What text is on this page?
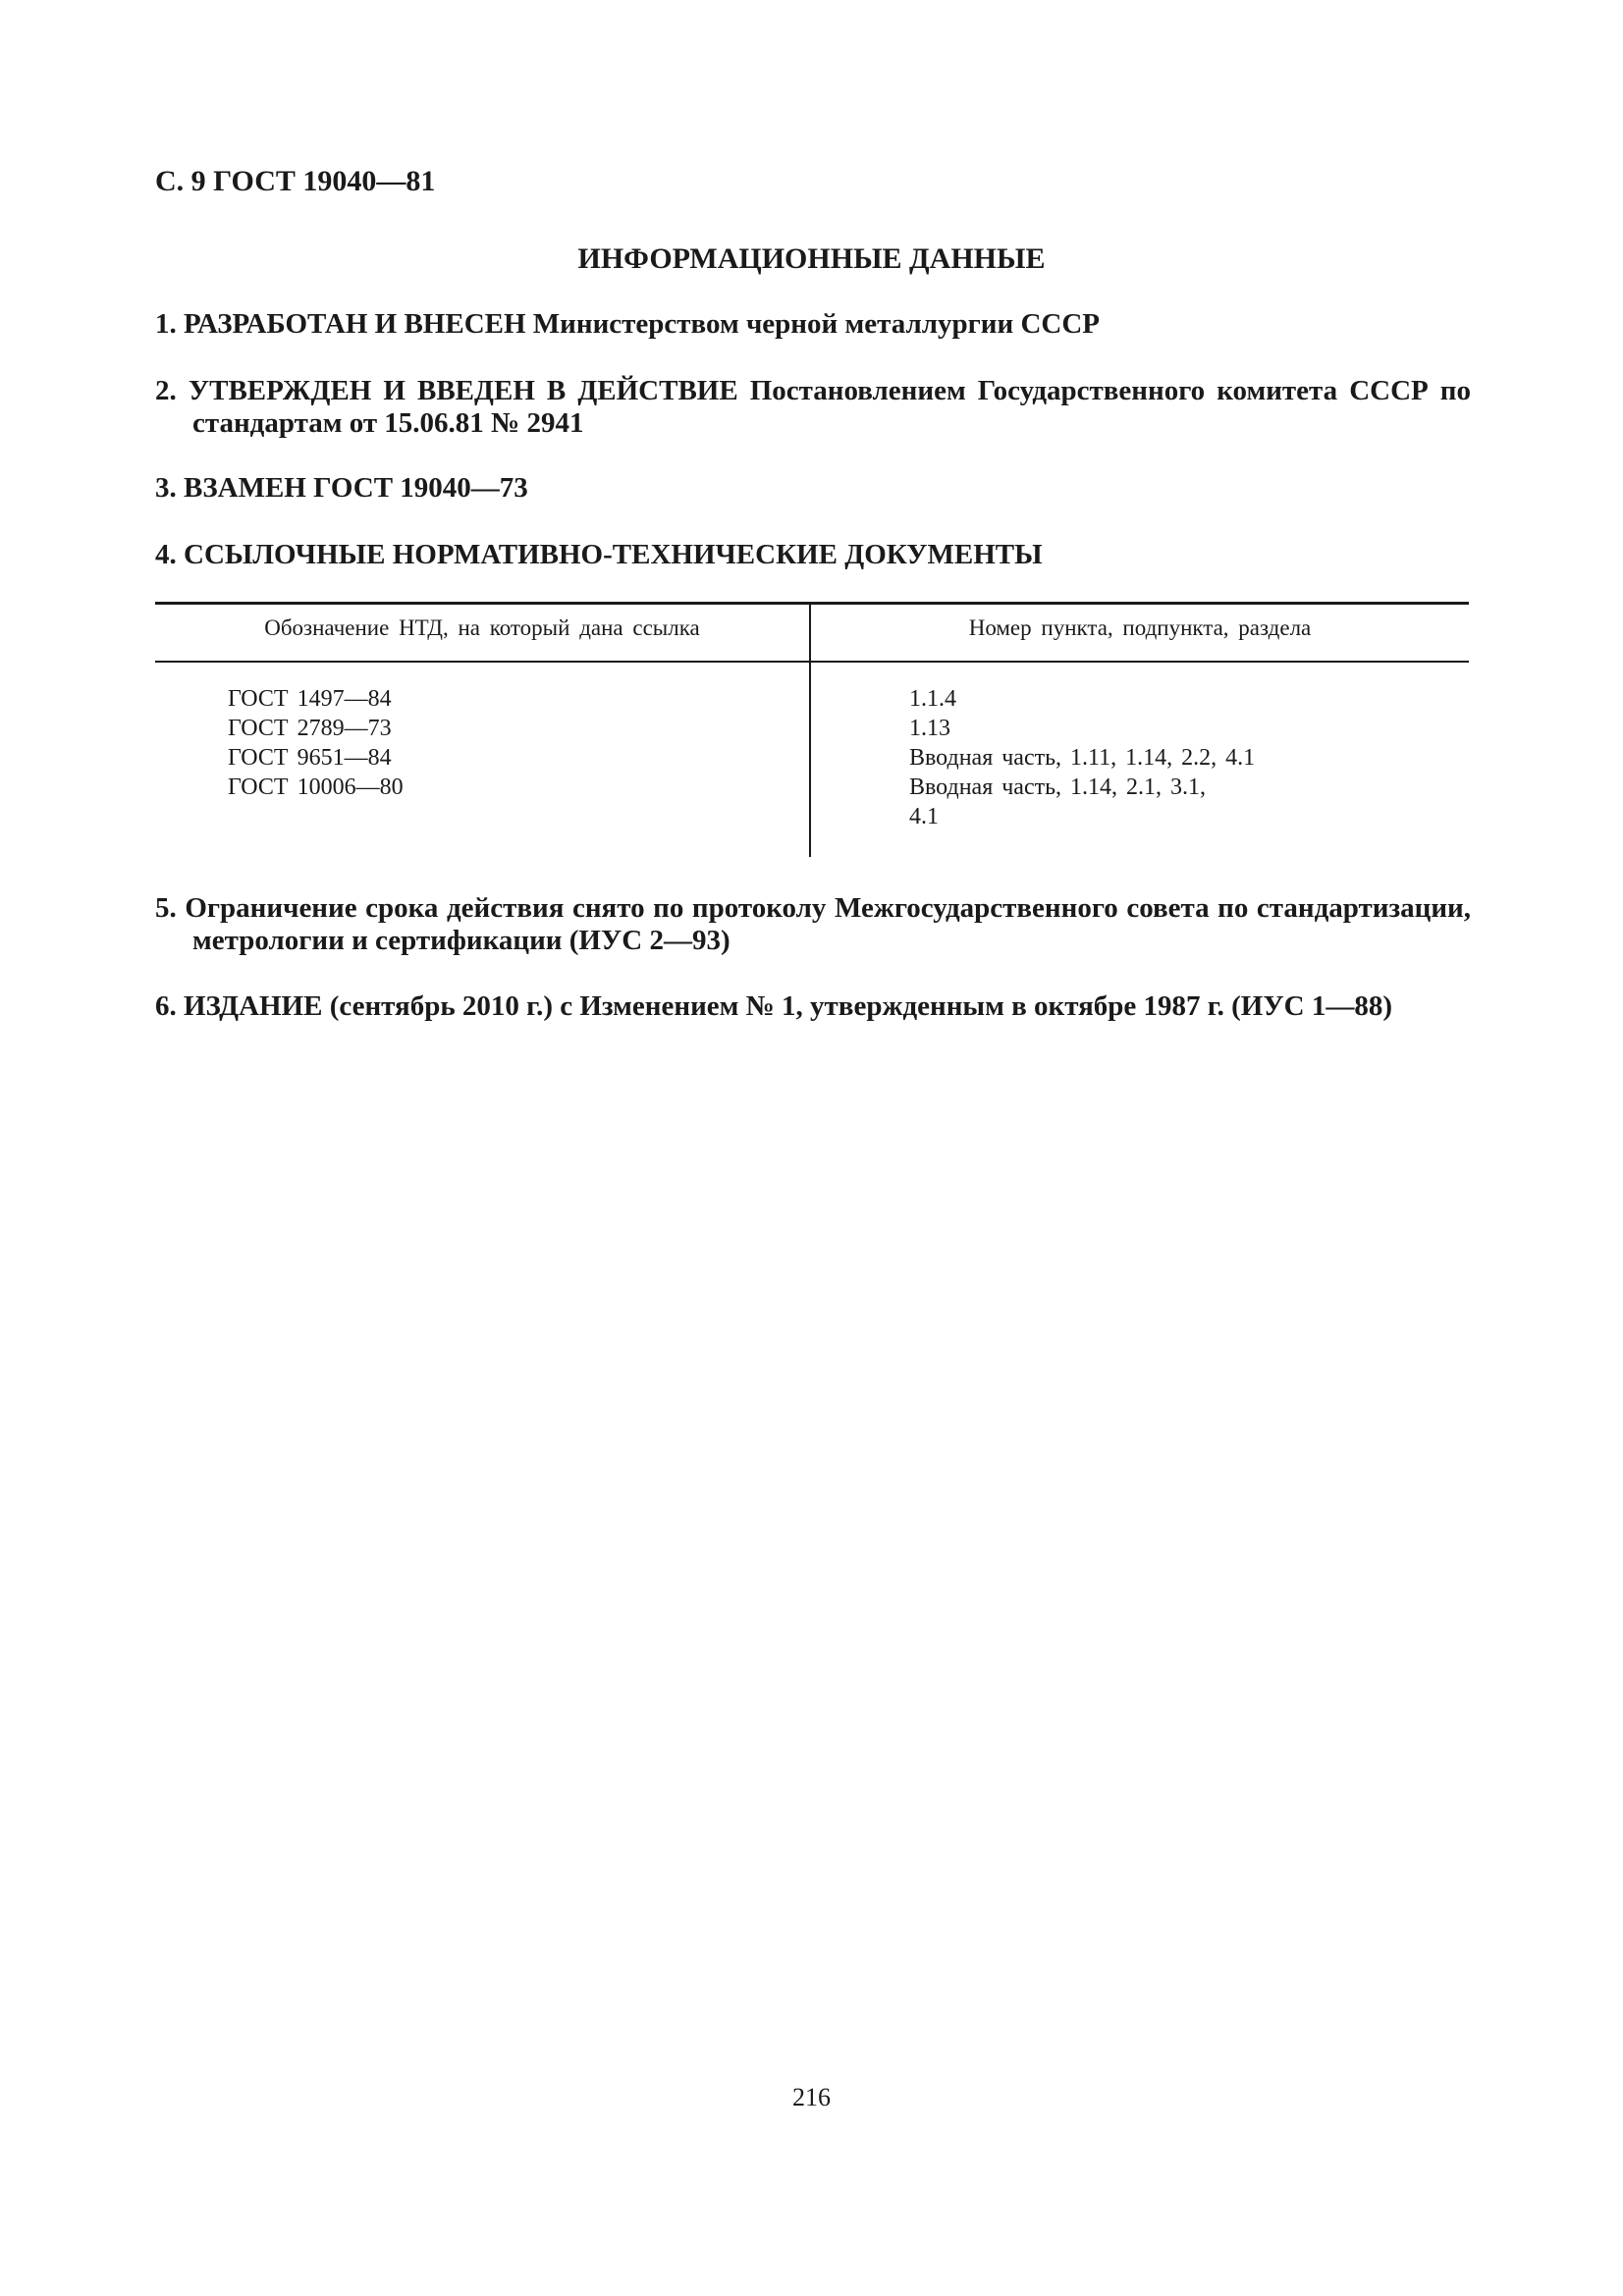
С. 9 ГОСТ 19040—81

ИНФОРМАЦИОННЫЕ ДАННЫЕ

1. РАЗРАБОТАН И ВНЕСЕН Министерством черной металлургии СССР

2. УТВЕРЖДЕН И ВВЕДЕН В ДЕЙСТВИЕ Постановлением Государственного комитета СССР по
стандартам от 15.06.81 № 2941

3. ВЗАМЕН ГОСТ 19040—73

4. ССЫЛОЧНЫЕ НОРМАТИВНО-ТЕХНИЧЕСКИЕ ДОКУМЕНТЫ

Обозначение НТД, на который дана ссылка	Номер пункта, подпункта, раздела
ГОСТ 1497—84
ГОСТ 2789—73
ГОСТ 9651—84
ГОСТ 10006—80
1.1.4
1.13
Вводная часть, 1.11, 1.14, 2.2, 4.1
Вводная часть, 1.14, 2.1, 3.1,
4.1

5. Ограничение срока действия снято по протоколу Межгосударственного совета по стандартизации,
метрологии и сертификации (ИУС 2—93)

6. ИЗДАНИЕ (сентябрь 2010 г.) с Изменением № 1, утвержденным в октябре 1987 г. (ИУС 1—88)

216
